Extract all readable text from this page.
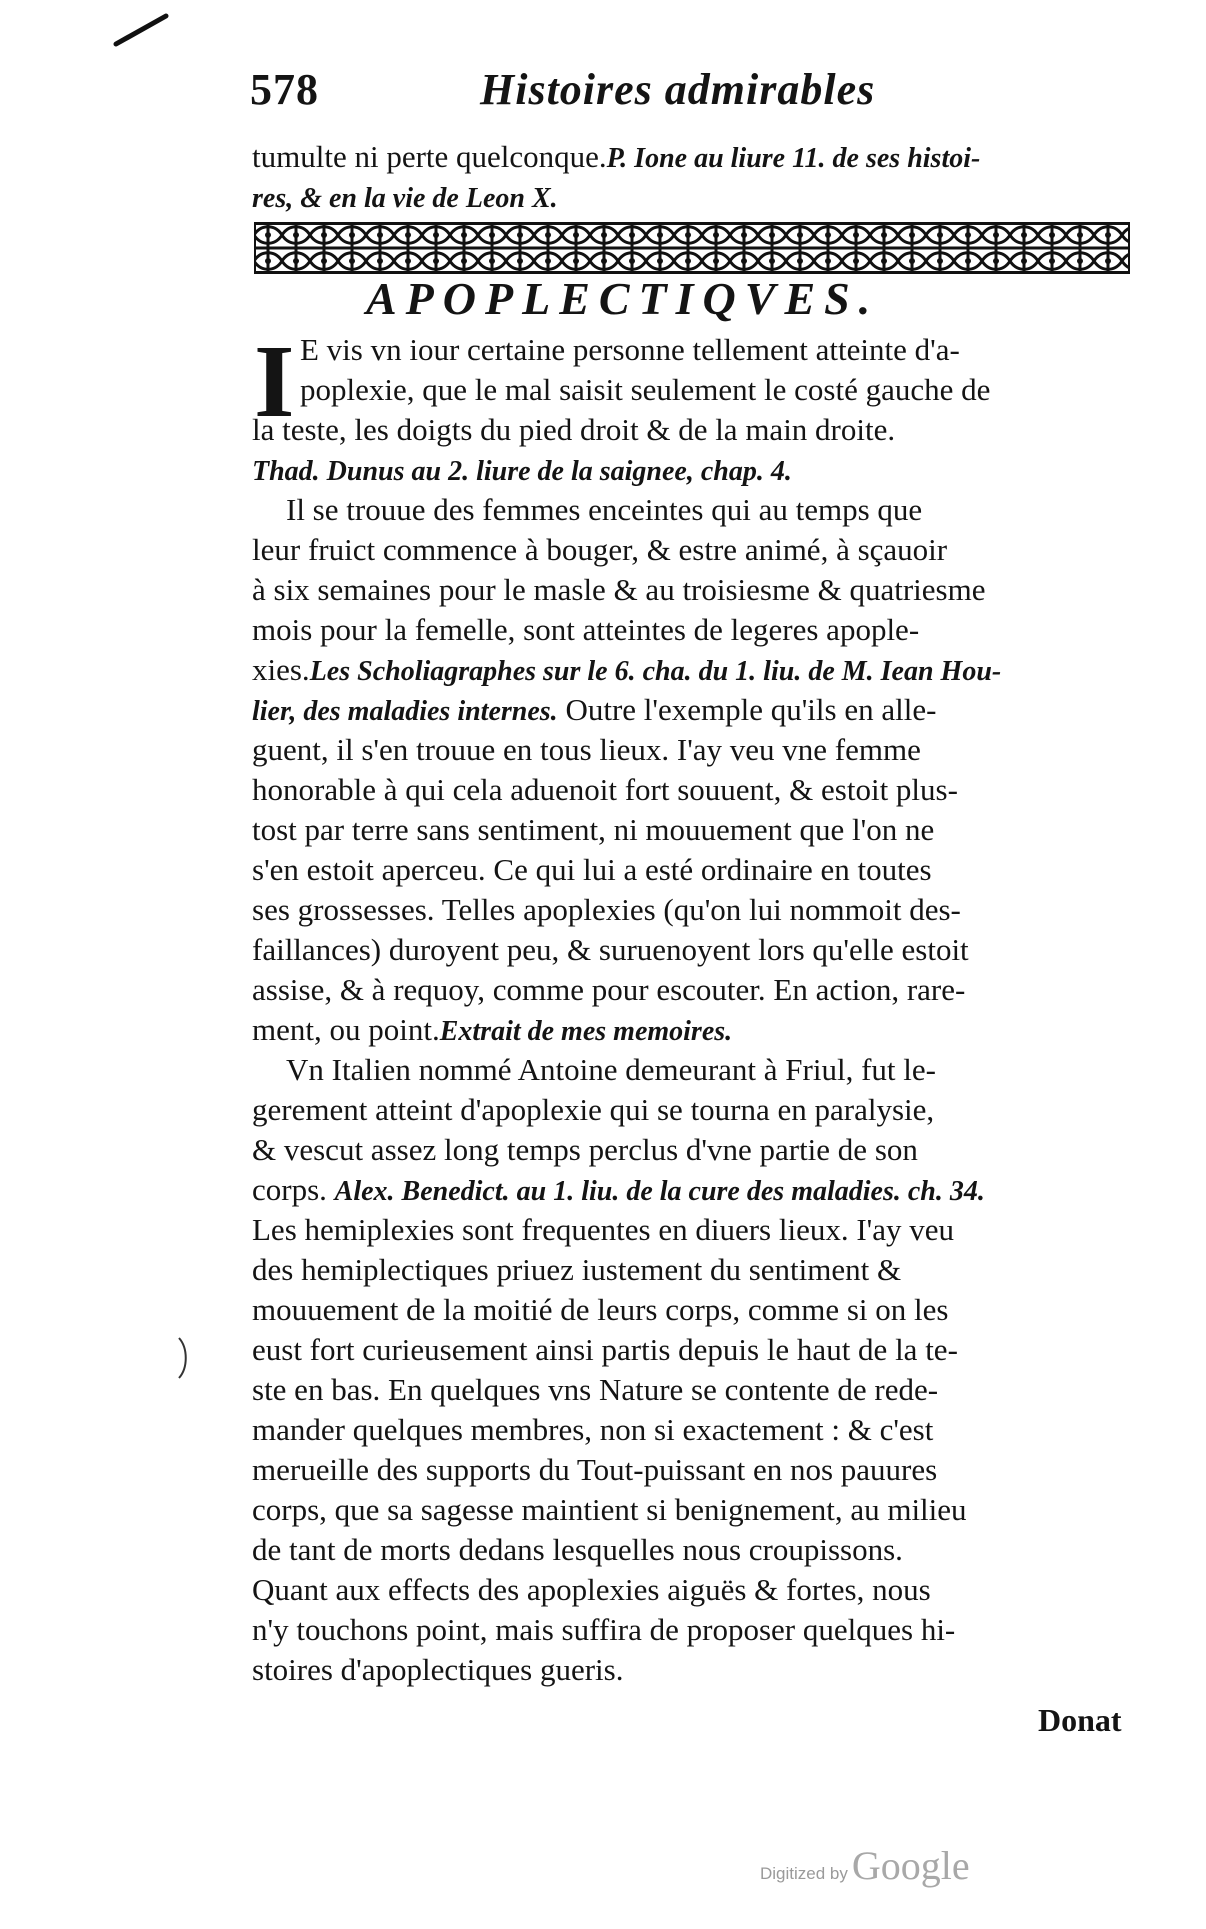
578	Histoires admirables
tumulte ni perte quelconque.P. Ione au liure 11. de ses histoi-
res, & en la vie de Leon X.
APOPLECTIQVES.
I E vis vn iour certaine personne tellement atteinte d'a-
poplexie, que le mal saisit seulement le costé gauche de
la teste, les doigts du pied droit & de la main droite.
Thad. Dunus au 2. liure de la saignee, chap. 4.
Il se trouue des femmes enceintes qui au temps que
leur fruict commence à bouger, & estre animé, à sçauoir
à six semaines pour le masle & au troisiesme & quatriesme
mois pour la femelle, sont atteintes de legeres apople-
xies.Les Scholiagraphes sur le 6. cha. du 1. liu. de M. Iean Hou-
lier, des maladies internes. Outre l'exemple qu'ils en alle-
guent, il s'en trouue en tous lieux. I'ay veu vne femme
honorable à qui cela aduenoit fort souuent, & estoit plus-
tost par terre sans sentiment, ni mouuement que l'on ne
s'en estoit aperceu. Ce qui lui a esté ordinaire en toutes
ses grossesses. Telles apoplexies (qu'on lui nommoit des-
faillances) duroyent peu, & suruenoyent lors qu'elle estoit
assise, & à requoy, comme pour escouter. En action, rare-
ment, ou point.Extrait de mes memoires.
Vn Italien nommé Antoine demeurant à Friul, fut le-
gerement atteint d'apoplexie qui se tourna en paralysie,
& vescut assez long temps perclus d'vne partie de son
corps. Alex. Benedict. au 1. liu. de la cure des maladies. ch. 34.
Les hemiplexies sont frequentes en diuers lieux. I'ay veu
des hemiplectiques priuez iustement du sentiment &
mouuement de la moitié de leurs corps, comme si on les
eust fort curieusement ainsi partis depuis le haut de la te-
ste en bas. En quelques vns Nature se contente de rede-
mander quelques membres, non si exactement : & c'est
merueille des supports du Tout-puissant en nos pauures
corps, que sa sagesse maintient si benignement, au milieu
de tant de morts dedans lesquelles nous croupissons.
Quant aux effects des apoplexies aiguës & fortes, nous
n'y touchons point, mais suffira de proposer quelques hi-
stoires d'apoplectiques gueris.
Donat
Digitized by Google
